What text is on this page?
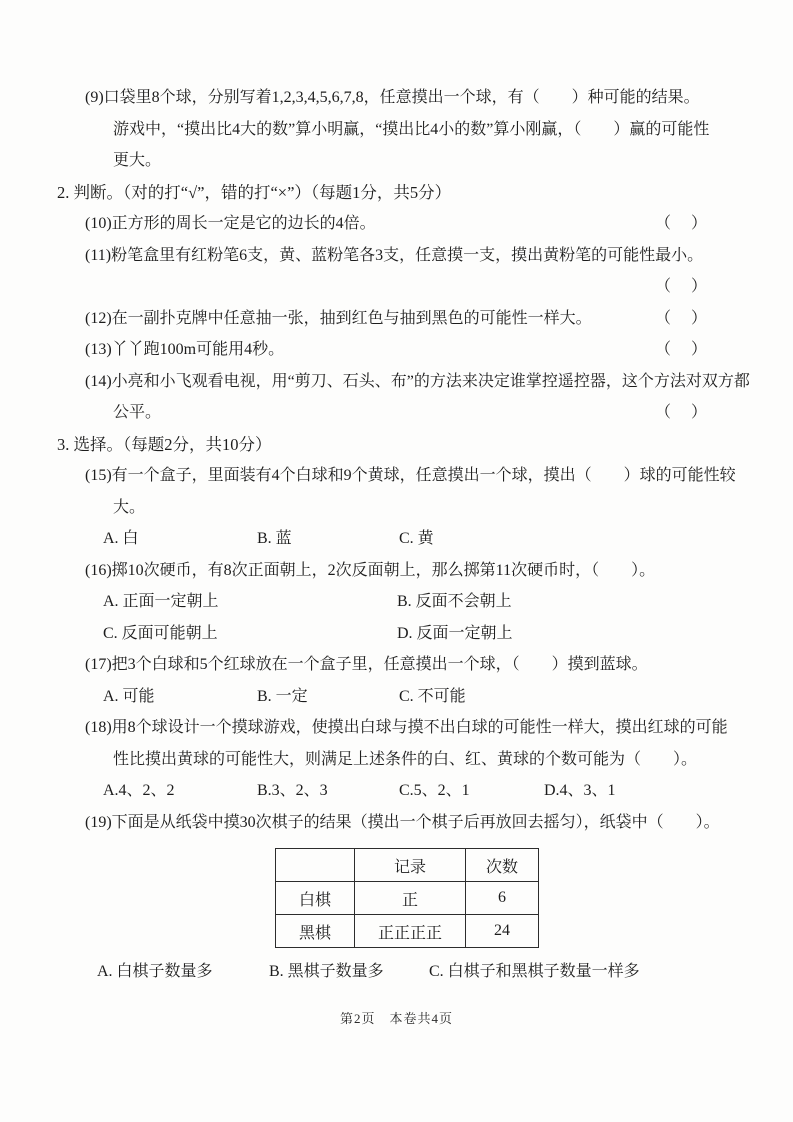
(9)口袋里8个球，分别写着1,2,3,4,5,6,7,8，任意摸出一个球，有（　　）种可能的结果。
游戏中，“摸出比4大的数”算小明赢，“摸出比4小的数”算小刚赢，（　　）赢的可能性
更大。
2. 判断。（对的打“√”，错的打“×”）（每题1分，共5分）
(10)正方形的周长一定是它的边长的4倍。	（　）
(11)粉笔盒里有红粉笔6支，黄、蓝粉笔各3支，任意摸一支，摸出黄粉笔的可能性最小。
（　）
(12)在一副扑克牌中任意抽一张，抽到红色与抽到黑色的可能性一样大。	（　）
(13)丫丫跑100m可能用4秒。	（　）
(14)小亮和小飞观看电视，用“剪刀、石头、布”的方法来决定谁掌控遥控器，这个方法对双方都
公平。	（　）
3. 选择。（每题2分，共10分）
(15)有一个盒子，里面装有4个白球和9个黄球，任意摸出一个球，摸出（　　）球的可能性较
大。
A. 白	B. 蓝	C. 黄
(16)掷10次硬币，有8次正面朝上，2次反面朝上，那么掷第11次硬币时，（　　）。
A. 正面一定朝上	B. 反面不会朝上
C. 反面可能朝上	D. 反面一定朝上
(17)把3个白球和5个红球放在一个盒子里，任意摸出一个球，（　　）摸到蓝球。
A. 可能	B. 一定	C. 不可能
(18)用8个球设计一个摸球游戏，使摸出白球与摸不出白球的可能性一样大，摸出红球的可能
性比摸出黄球的可能性大，则满足上述条件的白、红、黄球的个数可能为（　　）。
A.4、2、2	B.3、2、3	C.5、2、1	D.4、3、1
(19)下面是从纸袋中摸30次棋子的结果（摸出一个棋子后再放回去摇匀），纸袋中（　　）。
	记录	次数
白棋	正	6
黑棋	正正正正	24
A. 白棋子数量多	B. 黑棋子数量多	C. 白棋子和黑棋子数量一样多
第2页　本卷共4页
